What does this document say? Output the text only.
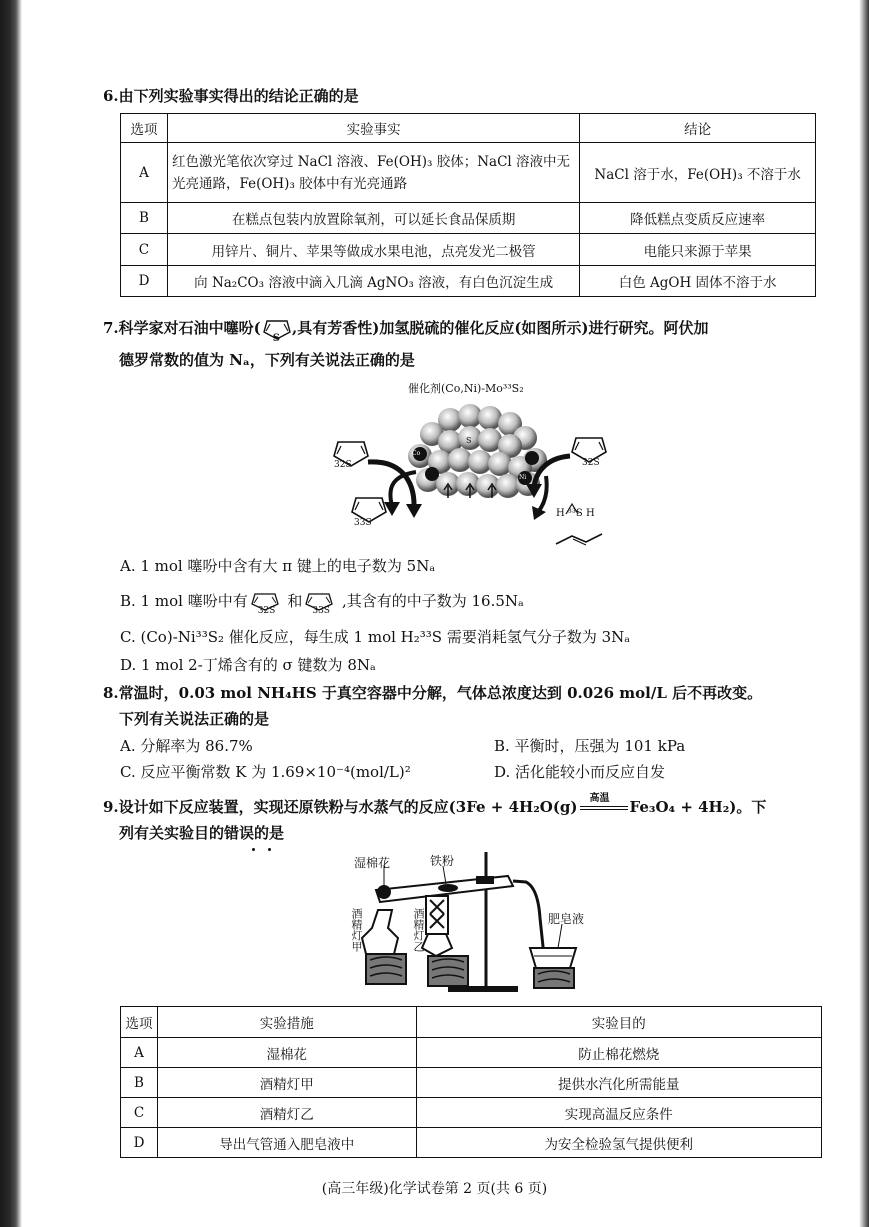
6.由下列实验事实得出的结论正确的是
选项	实验事实	结论
A	红色激光笔依次穿过 NaCl 溶液、Fe(OH)₃ 胶体；NaCl 溶液中无光亮通路，Fe(OH)₃ 胶体中有光亮通路	NaCl 溶于水，Fe(OH)₃ 不溶于水
B	在糕点包装内放置除氧剂，可以延长食品保质期	降低糕点变质反应速率
C	用锌片、铜片、苹果等做成水果电池，点亮发光二极管	电能只来源于苹果
D	向 Na₂CO₃ 溶液中滴入几滴 AgNO₃ 溶液，有白色沉淀生成	白色 AgOH 固体不溶于水
7.科学家对石油中噻吩($_S$,具有芳香性)加氢脱硫的催化反应(如图所示)进行研究。阿伏加
德罗常数的值为 Nₐ，下列有关说法正确的是
催化剂(Co,Ni)-Mo³³S₂
32S
33S
32S
H ³³S H
S
Co
Ni
A. 1 mol 噻吩中含有大 π 键上的电子数为 5Nₐ
B. 1 mol 噻吩中有$_{32S}$和$_{33S}$,其含有的中子数为 16.5Nₐ
C. (Co)-Ni³³S₂ 催化反应，每生成 1 mol H₂³³S 需要消耗氢气分子数为 3Nₐ
D. 1 mol 2-丁烯含有的 σ 键数为 8Nₐ
8.常温时，0.03 mol NH₄HS 于真空容器中分解，气体总浓度达到 0.026 mol/L 后不再改变。
下列有关说法正确的是
A. 分解率为 86.7%	B. 平衡时，压强为 101 kPa
C. 反应平衡常数 K 为 1.69×10⁻⁴(mol/L)²	D. 活化能较小而反应自发
9.设计如下反应装置，实现还原铁粉与水蒸气的反应(3Fe + 4H₂O(g) 高温 Fe₃O₄ + 4H₂)。下
列有关实验目的错误的是
湿棉花	铁粉
肥皂液
酒精灯甲	酒精灯乙
选项	实验措施	实验目的
A	湿棉花	防止棉花燃烧
B	酒精灯甲	提供水汽化所需能量
C	酒精灯乙	实现高温反应条件
D	导出气管通入肥皂液中	为安全检验氢气提供便利
(高三年级)化学试卷第 2 页(共 6 页)
